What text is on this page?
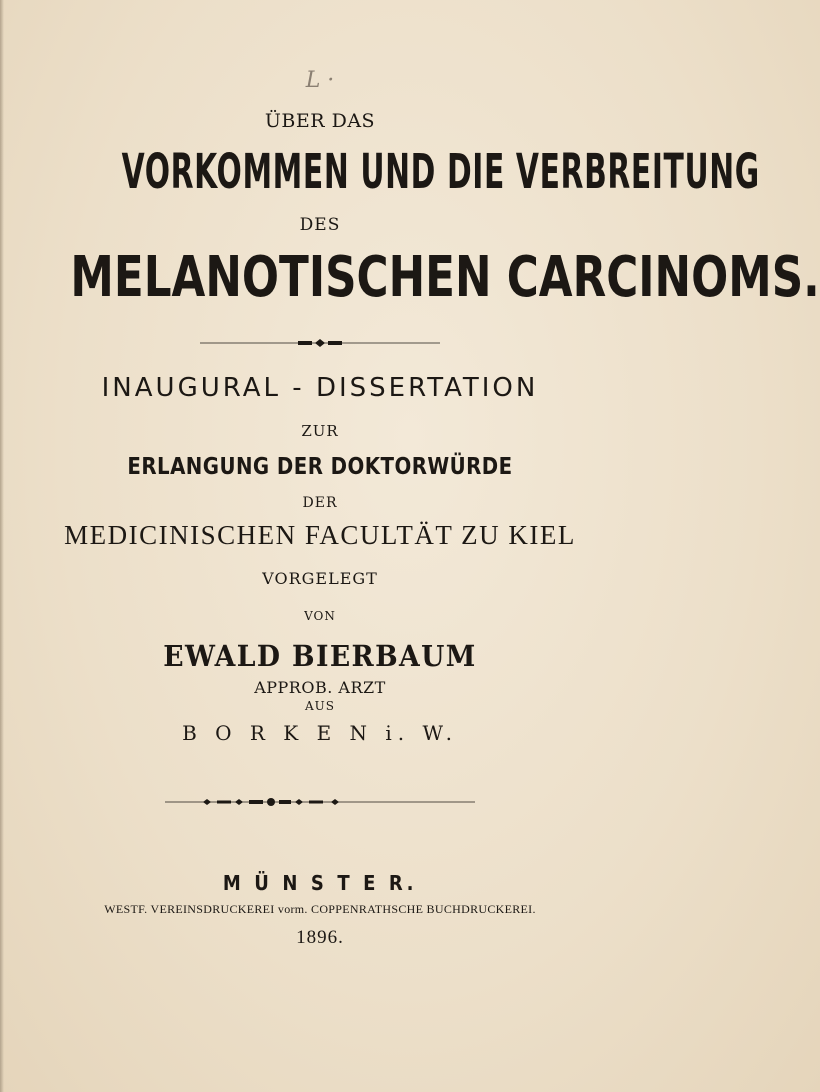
L ·
ÜBER DAS
VORKOMMEN UND DIE VERBREITUNG
DES
MELANOTISCHEN CARCINOMS.
INAUGURAL - DISSERTATION
ZUR
ERLANGUNG DER DOKTORWÜRDE
DER
MEDICINISCHEN FACULTÄT ZU KIEL
VORGELEGT
VON
EWALD BIERBAUM
APPROB. ARZT
AUS
B O R K E N i. W.
M Ü N S T E R.
WESTF. VEREINSDRUCKEREI vorm. COPPENRATHSCHE BUCHDRUCKEREI.
1896.
